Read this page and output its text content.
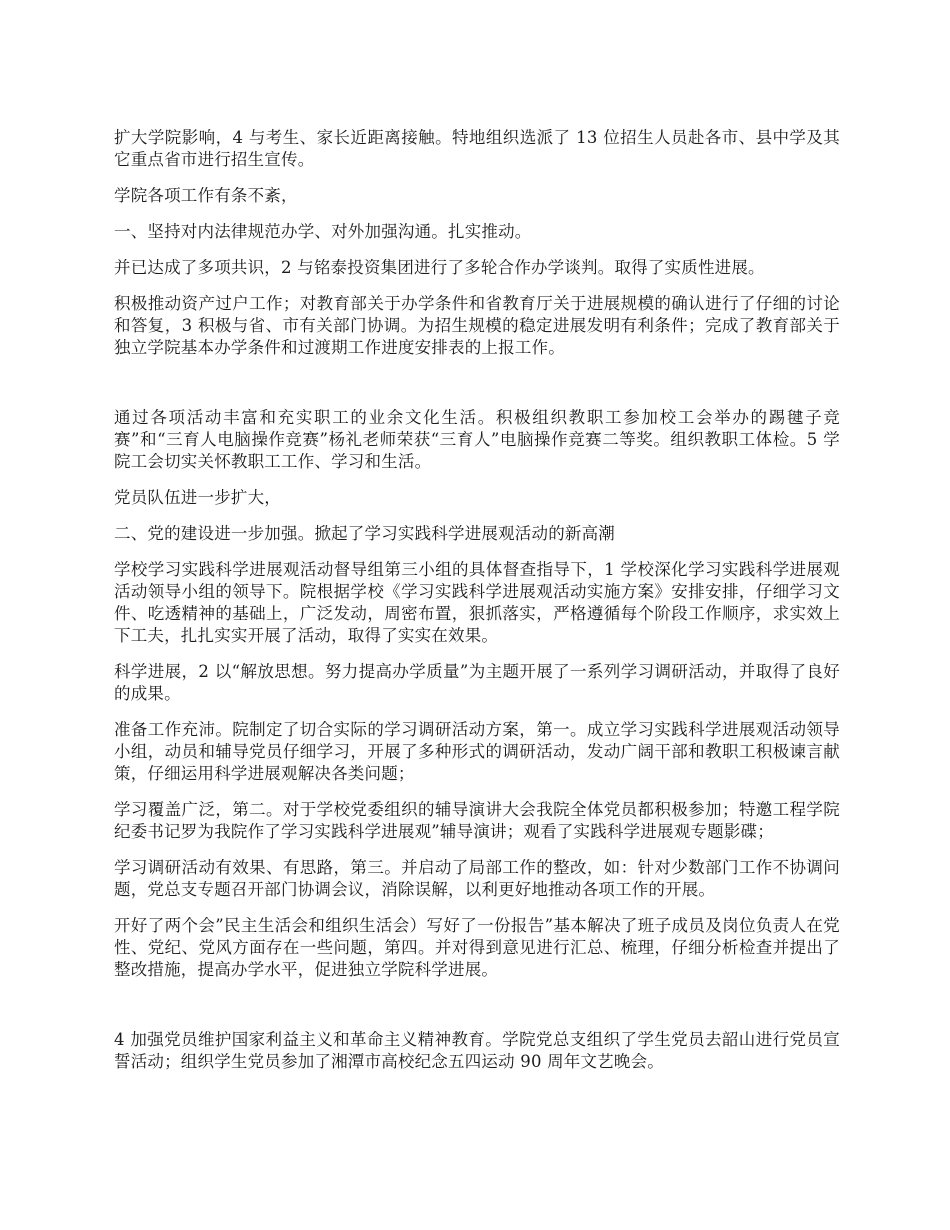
扩大学院影响，4 与考生、家长近距离接触。特地组织选派了 13 位招生人员赴各市、县中学及其它重点省市进行招生宣传。

学院各项工作有条不紊，

一、坚持对内法律规范办学、对外加强沟通。扎实推动。

并已达成了多项共识，2 与铭泰投资集团进行了多轮合作办学谈判。取得了实质性进展。

积极推动资产过户工作；对教育部关于办学条件和省教育厅关于进展规模的确认进行了仔细的讨论和答复，3 积极与省、市有关部门协调。为招生规模的稳定进展发明有利条件；完成了教育部关于独立学院基本办学条件和过渡期工作进度安排表的上报工作。

通过各项活动丰富和充实职工的业余文化生活。积极组织教职工参加校工会举办的踢毽子竞赛”和“三育人电脑操作竞赛”杨礼老师荣获“三育人”电脑操作竞赛二等奖。组织教职工体检。5 学院工会切实关怀教职工工作、学习和生活。

党员队伍进一步扩大，

二、党的建设进一步加强。掀起了学习实践科学进展观活动的新高潮

学校学习实践科学进展观活动督导组第三小组的具体督查指导下，1 学校深化学习实践科学进展观活动领导小组的领导下。院根据学校《学习实践科学进展观活动实施方案》安排安排，仔细学习文件、吃透精神的基础上，广泛发动，周密布置，狠抓落实，严格遵循每个阶段工作顺序，求实效上下工夫，扎扎实实开展了活动，取得了实实在效果。

科学进展，2 以“解放思想。努力提高办学质量”为主题开展了一系列学习调研活动，并取得了良好的成果。

准备工作充沛。院制定了切合实际的学习调研活动方案，第一。成立学习实践科学进展观活动领导小组，动员和辅导党员仔细学习，开展了多种形式的调研活动，发动广阔干部和教职工积极谏言献策，仔细运用科学进展观解决各类问题；

学习覆盖广泛，第二。对于学校党委组织的辅导演讲大会我院全体党员都积极参加；特邀工程学院纪委书记罗为我院作了学习实践科学进展观”辅导演讲；观看了实践科学进展观专题影碟；

学习调研活动有效果、有思路，第三。并启动了局部工作的整改，如：针对少数部门工作不协调问题，党总支专题召开部门协调会议，消除误解，以利更好地推动各项工作的开展。

开好了两个会”民主生活会和组织生活会）写好了一份报告”基本解决了班子成员及岗位负责人在党性、党纪、党风方面存在一些问题，第四。并对得到意见进行汇总、梳理，仔细分析检查并提出了整改措施，提高办学水平，促进独立学院科学进展。

4 加强党员维护国家利益主义和革命主义精神教育。学院党总支组织了学生党员去韶山进行党员宣誓活动；组织学生党员参加了湘潭市高校纪念五四运动 90 周年文艺晚会。
